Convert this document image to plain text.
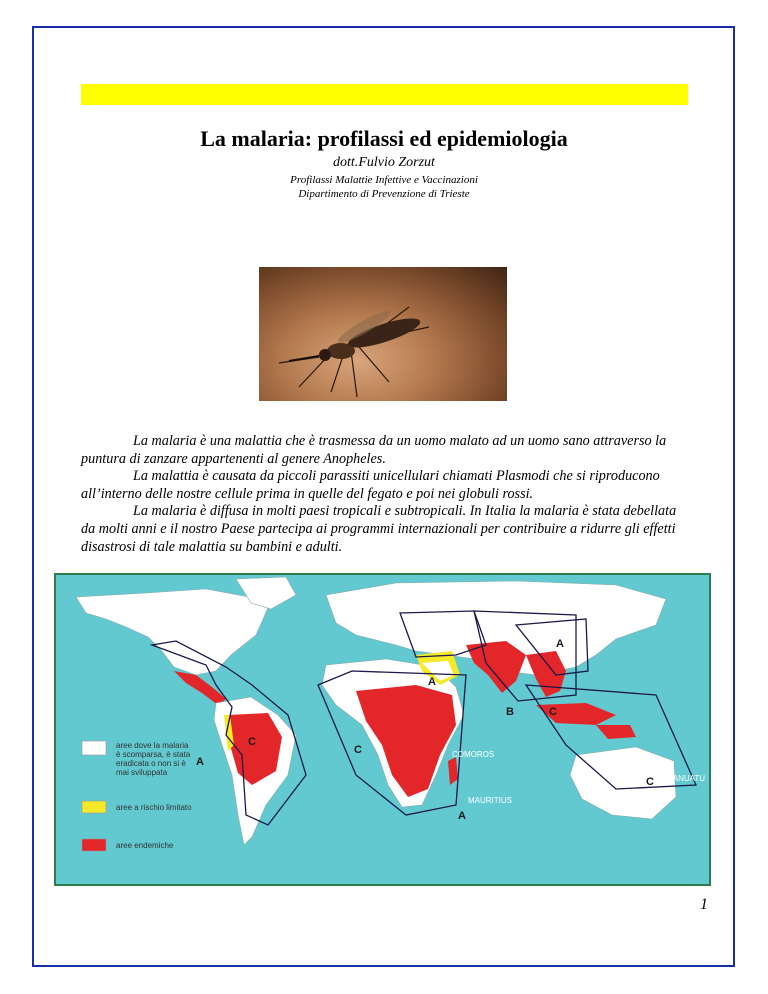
La malaria: profilassi ed epidemiologia
dott.Fulvio Zorzut
Profilassi Malattie Infettive e Vaccinazioni
Dipartimento di Prevenzione di Trieste

La malaria è una malattia che è trasmessa da un uomo malato ad un uomo sano attraverso la puntura di zanzare appartenenti al genere Anopheles.

La malattia è causata da piccoli parassiti unicellulari chiamati Plasmodi che si riproducono all’interno delle nostre cellule prima in quelle del fegato e poi nei globuli rossi.

La malaria è diffusa in molti paesi tropicali e subtropicali. In Italia la malaria è stata debellata da molti anni e il nostro Paese partecipa ai programmi internazionali per contribuire a ridurre gli effetti disastrosi di tale malattia su bambini e adulti.

A
C
C
A
B	C
A
C
A
COMOROS
MAURITIUS
VANUATU
aree dove la malaria
è scomparsa, è stata
eradicata o non si è
mai sviluppata
aree a rischio limitato
aree endemiche
1
